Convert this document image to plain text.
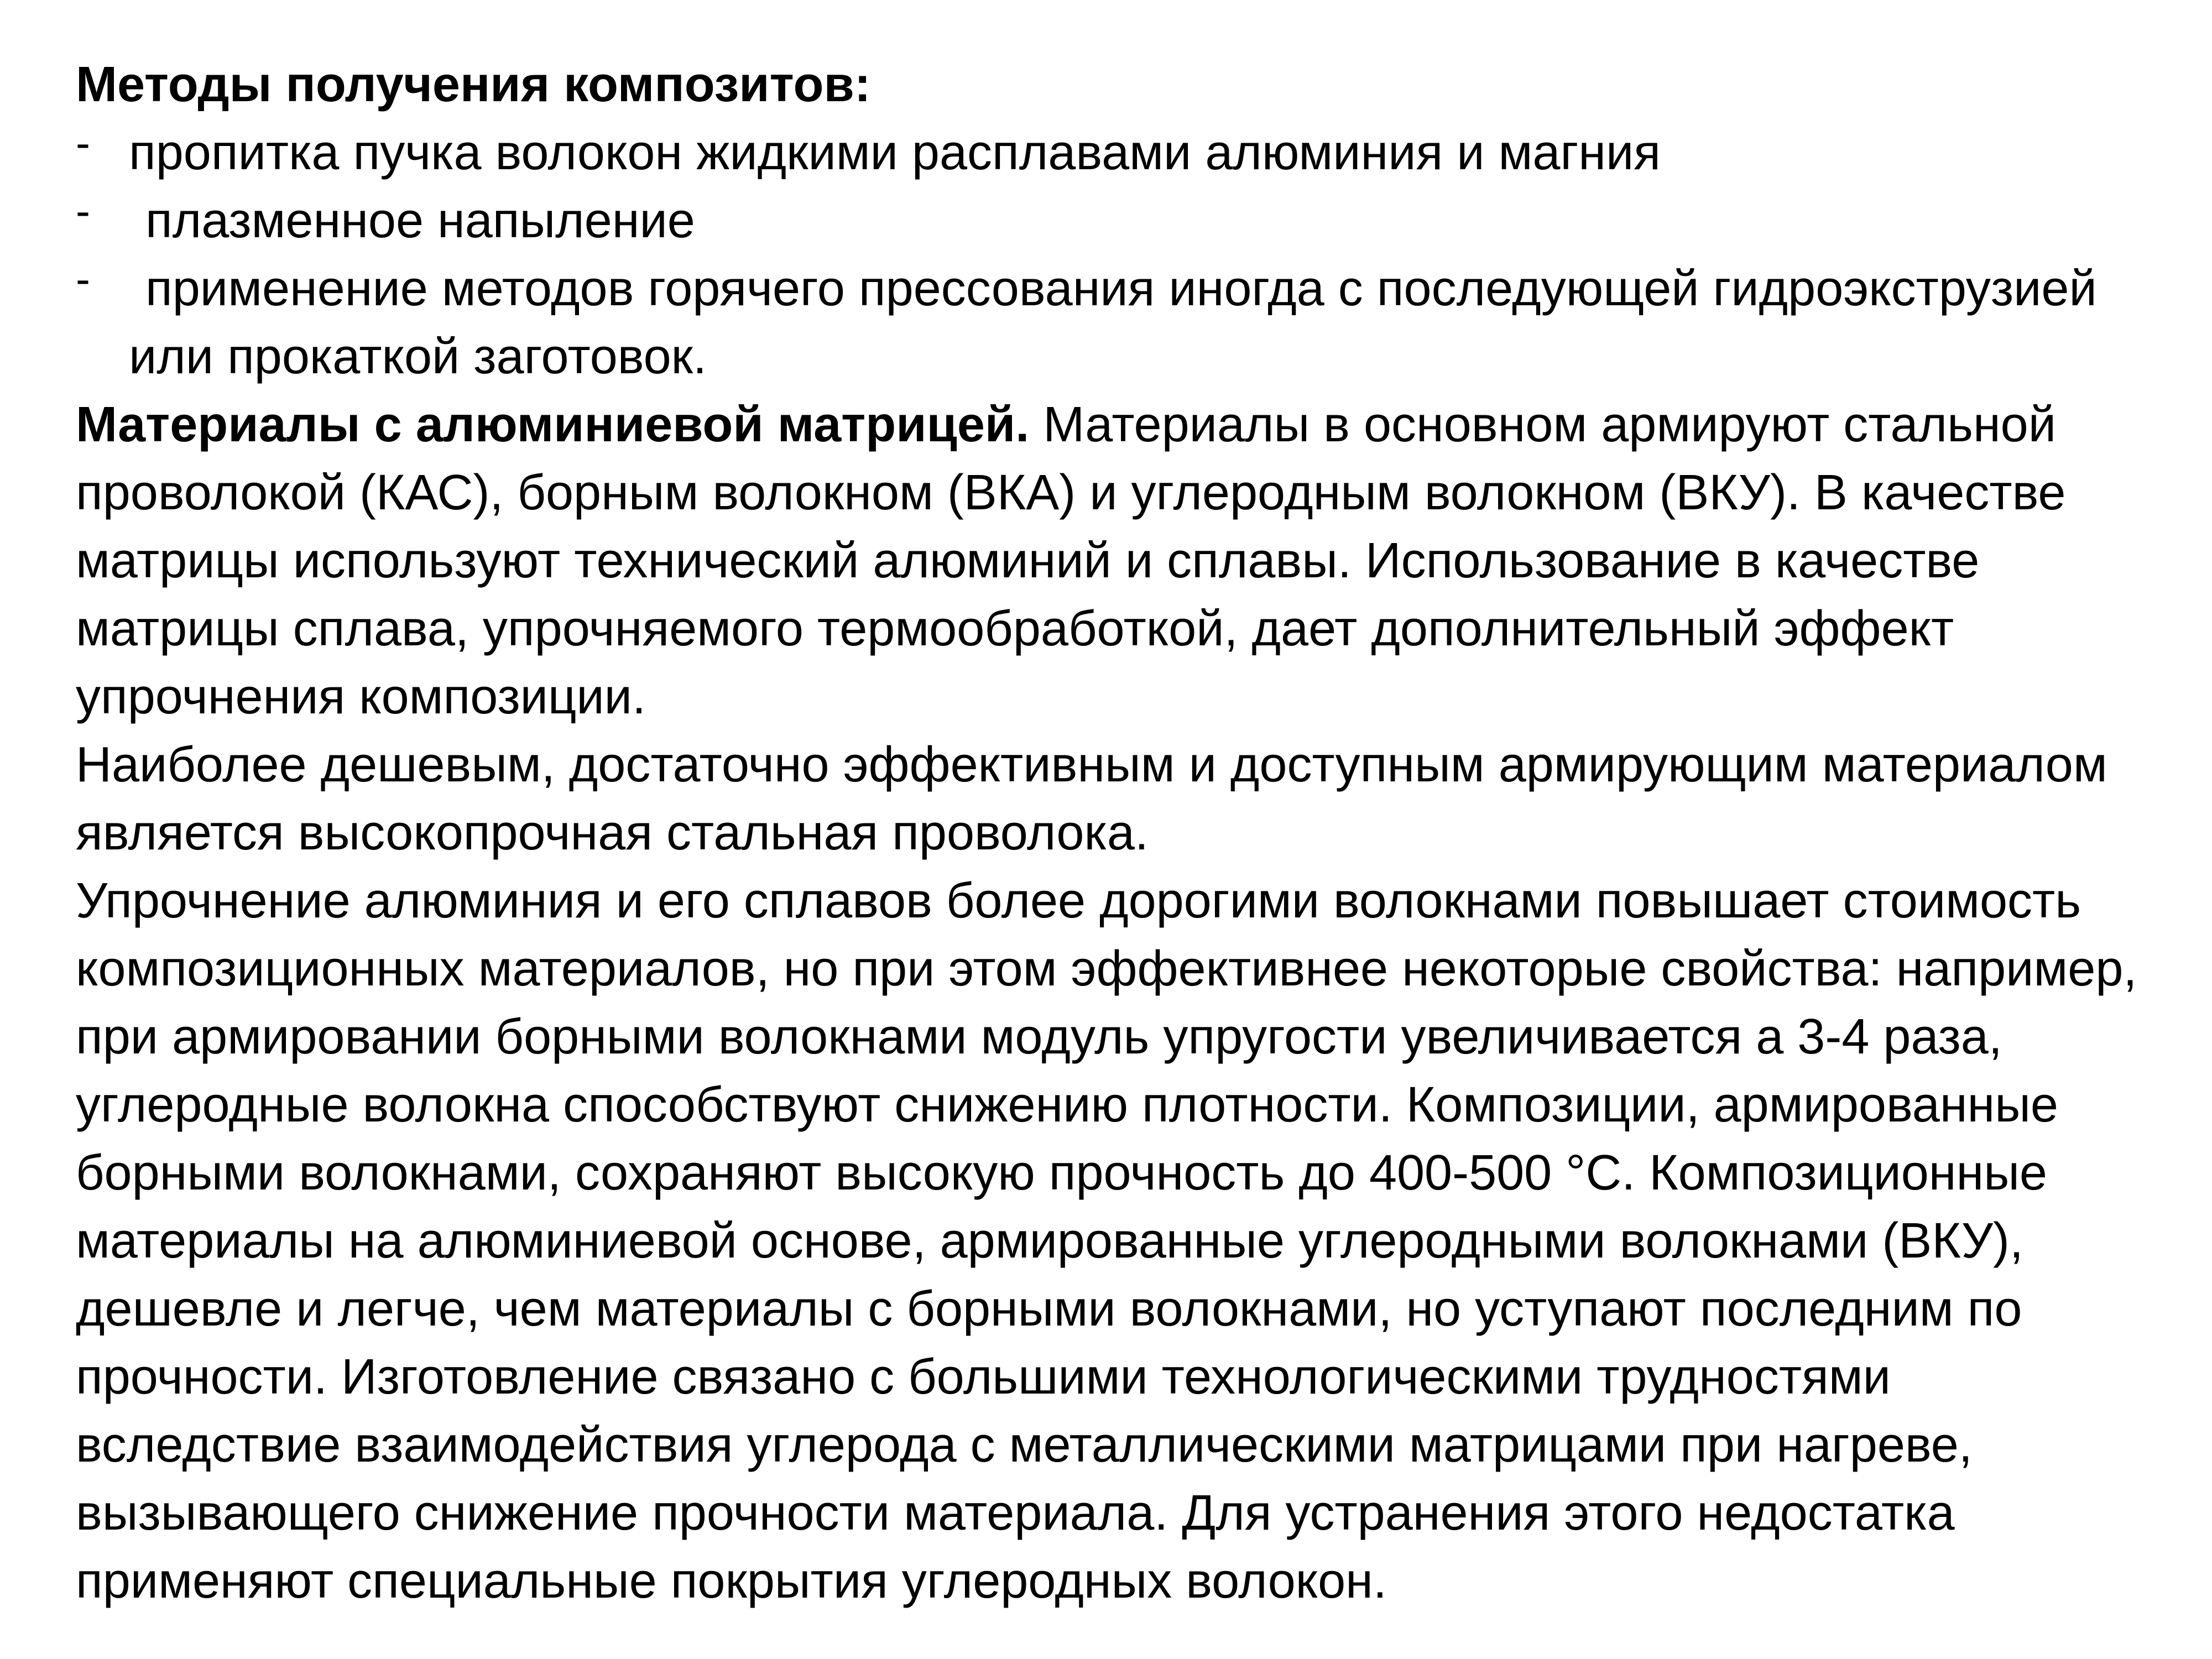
Методы получения композитов:
- пропитка пучка волокон жидкими расплавами алюминия и магния
- плазменное напыление
-	применение методов горячего прессования иногда с последующей гидроэкструзией или прокаткой заготовок.

Материалы с алюминиевой матрицей. Материалы в основном армируют стальной проволокой (КАС), борным волокном (ВКА) и углеродным волокном (ВКУ). В качестве матрицы используют технический алюминий и сплавы. Использование в качестве матрицы сплава, упрочняемого термообработкой, дает дополнительный эффект упрочнения композиции.

Наиболее дешевым, достаточно эффективным и доступным армирующим материалом является высокопрочная стальная проволока.

Упрочнение алюминия и его сплавов более дорогими волокнами повышает стоимость композиционных материалов, но при этом эффективнее некоторые свойства: например, при армировании борными волокнами модуль упругости увеличивается а 3-4 раза, углеродные волокна способствуют снижению плотности. Композиции, армированные борными волокнами, сохраняют высокую прочность до 400-500 °С. Композиционные материалы на алюминиевой основе, армированные углеродными волокнами (ВКУ), дешевле и легче, чем материалы с борными волокнами, но уступают последним по прочности. Изготовление связано с большими технологическими трудностями вследствие взаимодействия углерода с металлическими матрицами при нагреве, вызывающего снижение прочности материала. Для устранения этого недостатка применяют специальные покрытия углеродных волокон.
